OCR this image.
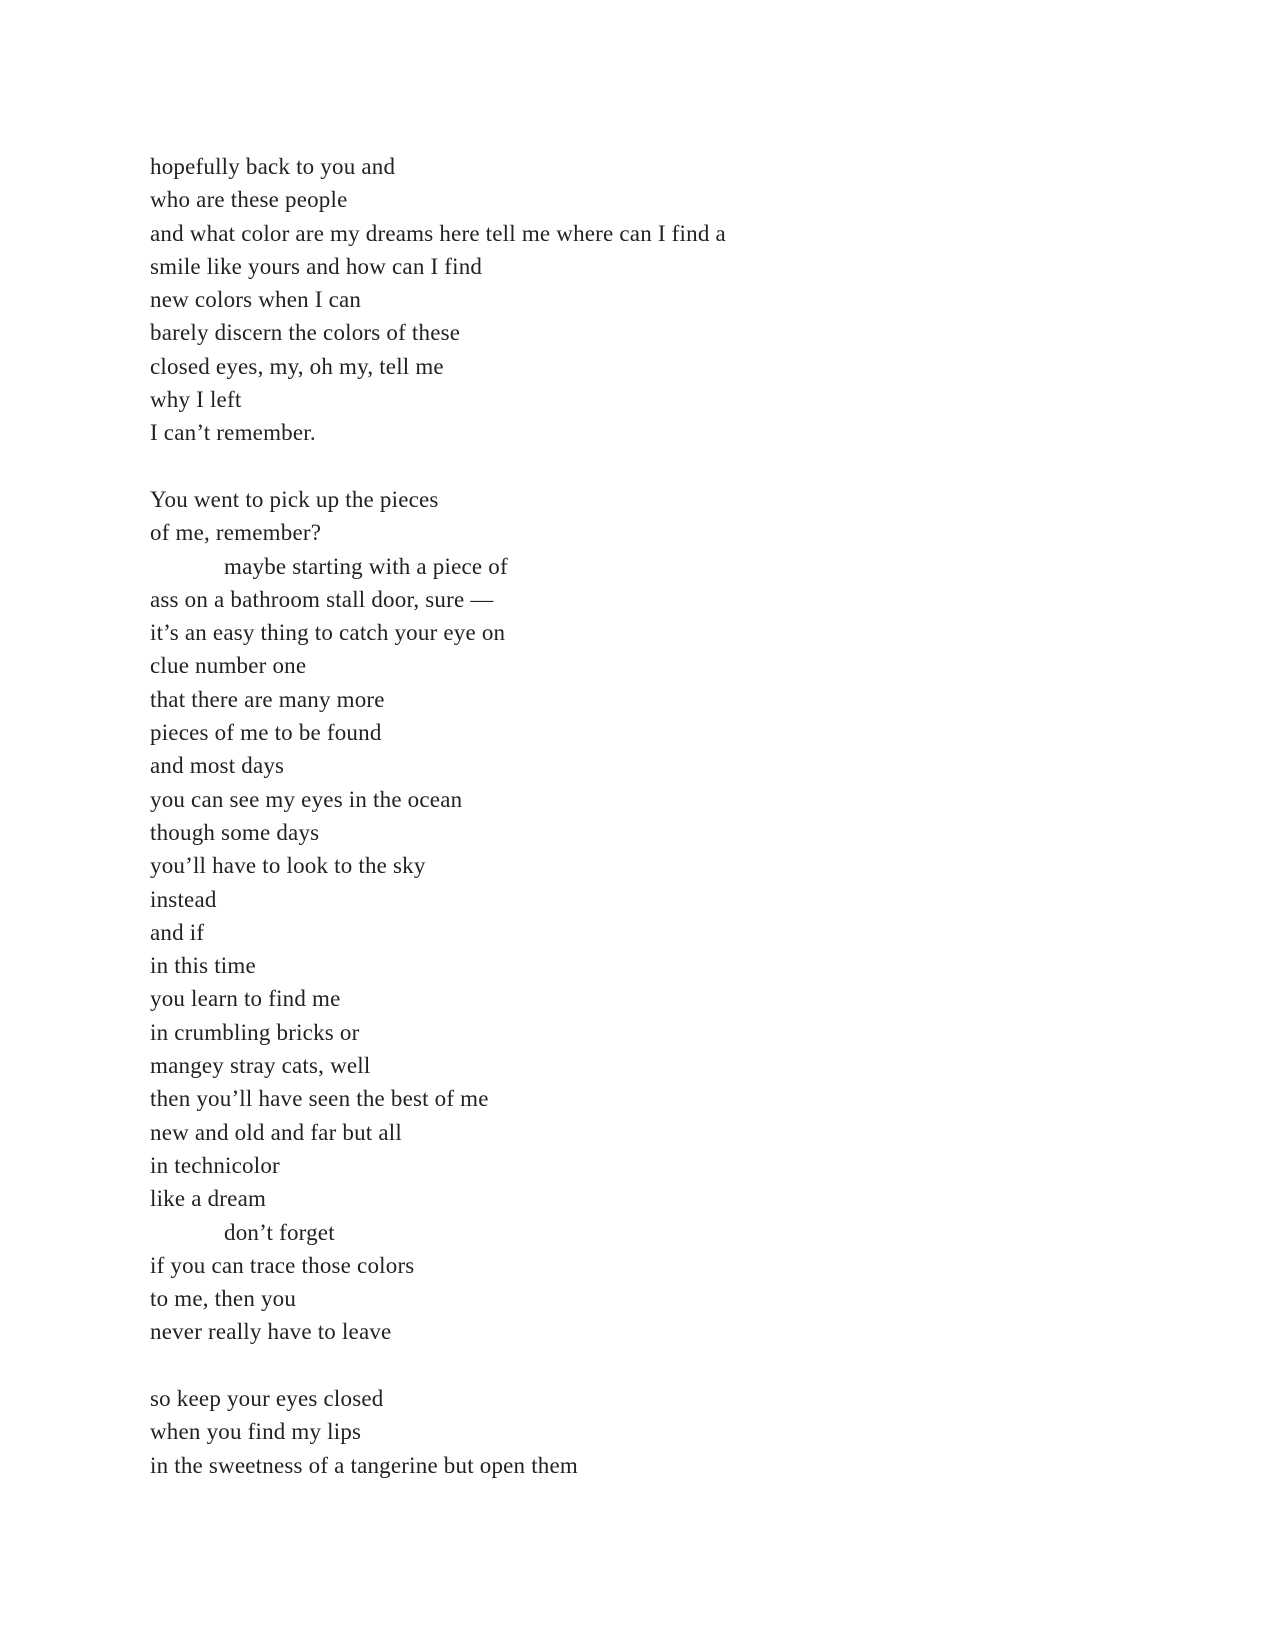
hopefully back to you and
who are these people
and what color are my dreams here tell me where can I find a
smile like yours and how can I find
new colors when I can
barely discern the colors of these
closed eyes, my, oh my, tell me
why I left
I can’t remember.
You went to pick up the pieces
of me, remember?
maybe starting with a piece of
ass on a bathroom stall door, sure —
it’s an easy thing to catch your eye on
clue number one
that there are many more
pieces of me to be found
and most days
you can see my eyes in the ocean
though some days
you’ll have to look to the sky
instead
and if
in this time
you learn to find me
in crumbling bricks or
mangey stray cats, well
then you’ll have seen the best of me
new and old and far but all
in technicolor
like a dream
don’t forget
if you can trace those colors
to me, then you
never really have to leave
so keep your eyes closed
when you find my lips
in the sweetness of a tangerine but open them
